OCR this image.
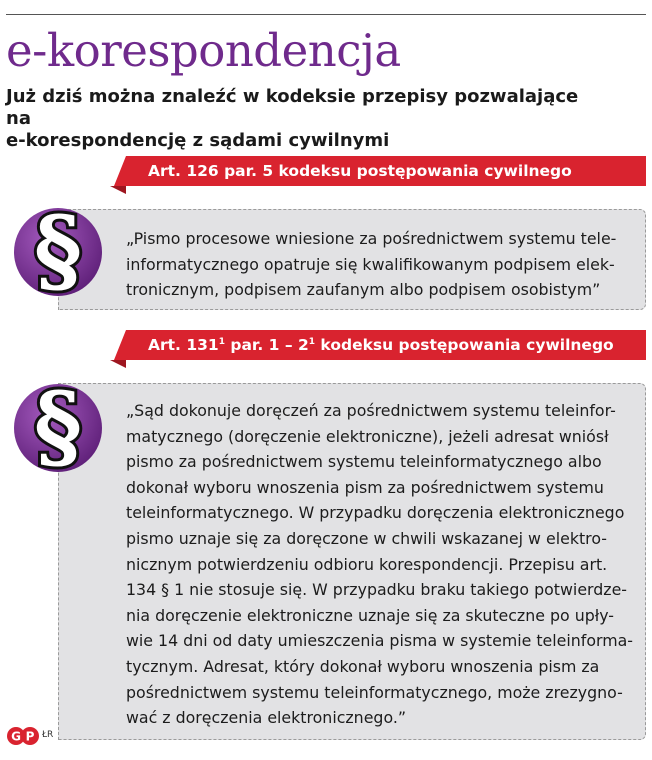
e-korespondencja

Już dziś można znaleźć w kodeksie przepisy pozwalające na
e-korespondencję z sądami cywilnymi

Art. 126 par. 5 kodeksu postępowania cywilnego
„Pismo procesowe wniesione za pośrednictwem systemu tele-
informatycznego opatruje się kwalifikowanym podpisem elek-
tronicznym, podpisem zaufanym albo podpisem osobistym”
§
Art. $131^1$ par. $1 - 2^1$ kodeksu postępowania cywilnego
„Sąd dokonuje doręczeń za pośrednictwem systemu teleinfor-
matycznego (doręczenie elektroniczne), jeżeli adresat wniósł
pismo za pośrednictwem systemu teleinformatycznego albo
dokonał wyboru wnoszenia pism za pośrednictwem systemu
teleinformatycznego. W przypadku doręczenia elektronicznego
pismo uznaje się za doręczone w chwili wskazanej w elektro-
nicznym potwierdzeniu odbioru korespondencji. Przepisu art.
134 § 1 nie stosuje się. W przypadku braku takiego potwierdze-
nia doręczenie elektroniczne uznaje się za skuteczne po upły-
wie 14 dni od daty umieszczenia pisma w systemie teleinforma-
tycznym. Adresat, który dokonał wyboru wnoszenia pism za
pośrednictwem systemu teleinformatycznego, może zrezygno-
wać z doręczenia elektronicznego.”
§
G P ŁR
